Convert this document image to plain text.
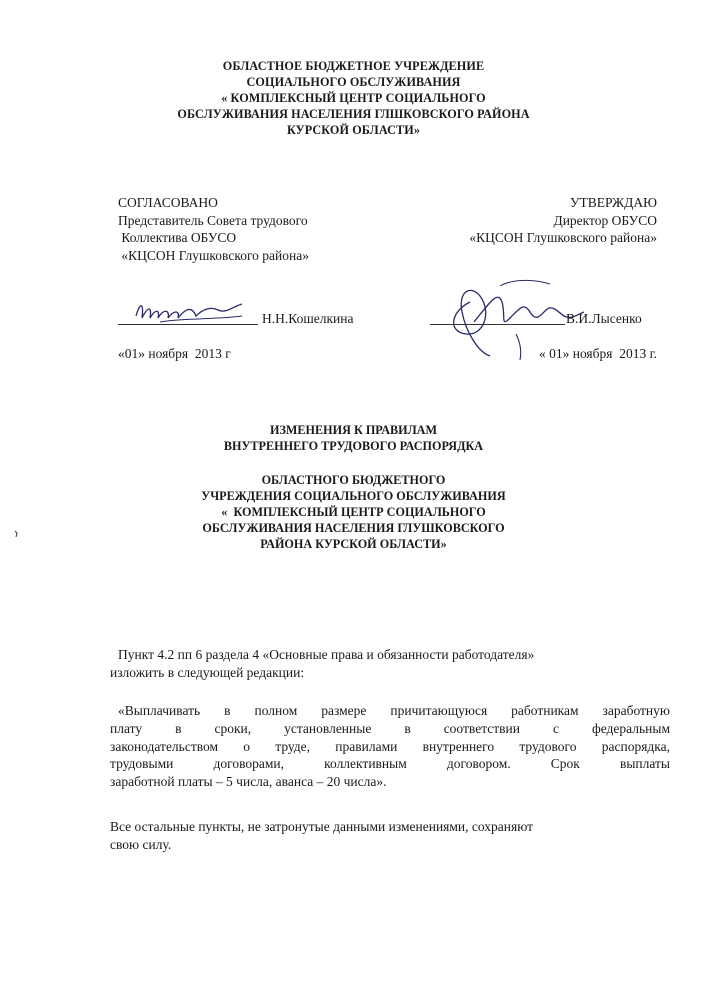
ОБЛАСТНОЕ БЮДЖЕТНОЕ УЧРЕЖДЕНИЕ
СОЦИАЛЬНОГО ОБСЛУЖИВАНИЯ
« КОМПЛЕКСНЫЙ ЦЕНТР СОЦИАЛЬНОГО
ОБСЛУЖИВАНИЯ НАСЕЛЕНИЯ ГЛШКОВСКОГО РАЙОНА
КУРСКОЙ ОБЛАСТИ»
СОГЛАСОВАНО
Представитель Совета трудового
Коллектива ОБУСО
«КЦСОН Глушковского района»
УТВЕРЖДАЮ
Директор ОБУСО
«КЦСОН Глушковского района»
Н.Н.Кошелкина	В.И.Лысенко
«01» ноября  2013 г	« 01» ноября  2013 г.
ИЗМЕНЕНИЯ К ПРАВИЛАМ
ВНУТРЕННЕГО ТРУДОВОГО РАСПОРЯДКА
ОБЛАСТНОГО БЮДЖЕТНОГО
УЧРЕЖДЕНИЯ СОЦИАЛЬНОГО ОБСЛУЖИВАНИЯ
«  КОМПЛЕКСНЫЙ ЦЕНТР СОЦИАЛЬНОГО
ОБСЛУЖИВАНИЯ НАСЕЛЕНИЯ ГЛУШКОВСКОГО
РАЙОНА КУРСКОЙ ОБЛАСТИ»
Пункт 4.2 пп 6 раздела 4 «Основные права и обязанности работодателя»
изложить в следующей редакции:
«Выплачивать в полном размере причитающуюся работникам заработную
плату в сроки, установленные в соответствии с федеральным
законодательством о труде, правилами внутреннего трудового распорядка,
трудовыми договорами, коллективным договором. Срок выплаты
заработной платы – 5 числа, аванса – 20 числа».
Все остальные пункты, не затронутые данными изменениями, сохраняют
свою силу.
